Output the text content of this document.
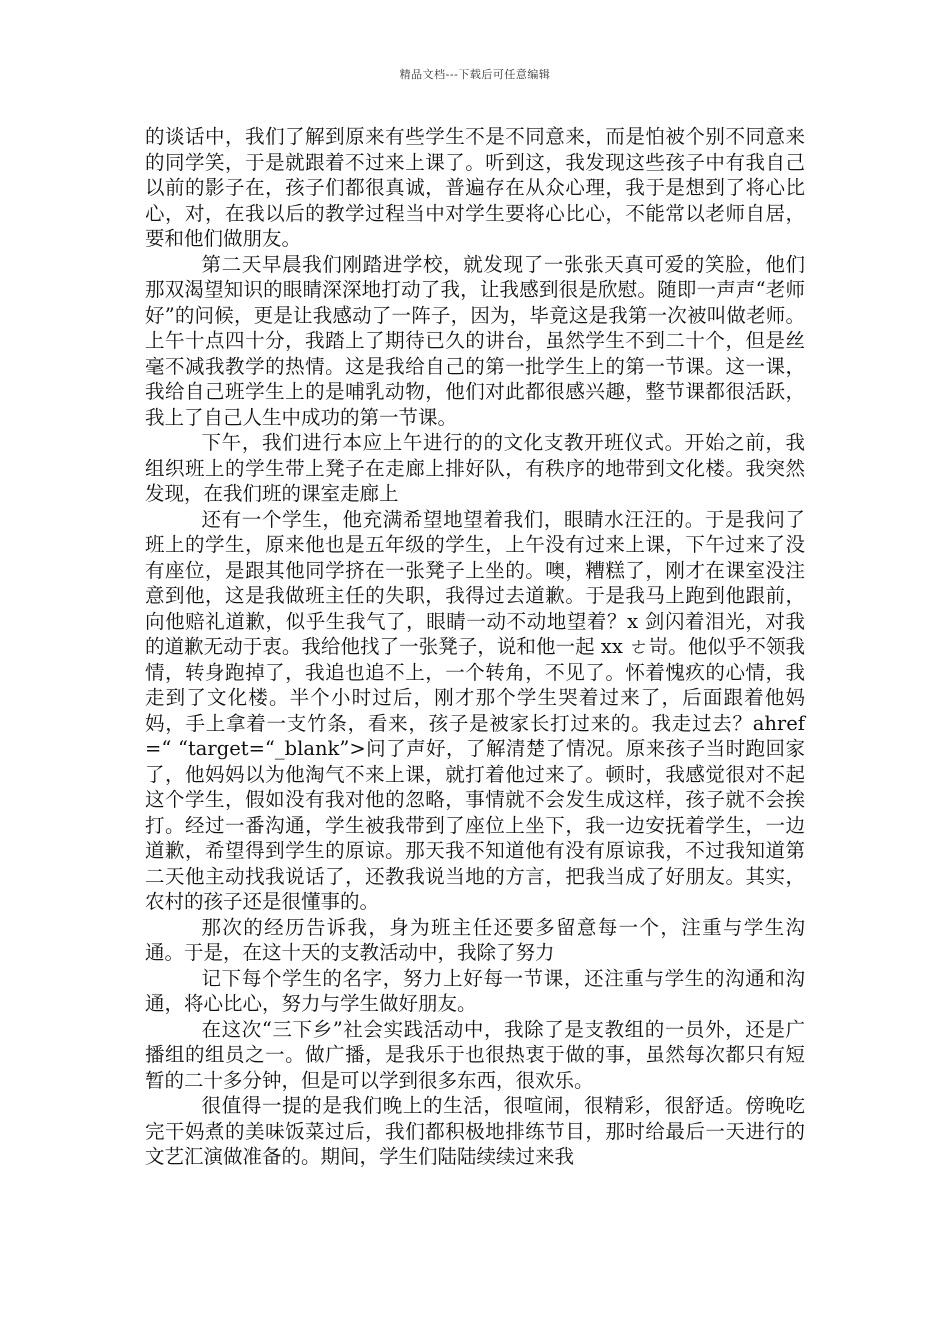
精品文档---下载后可任意编辑

的谈话中，我们了解到原来有些学生不是不同意来，而是怕被个别不同意来的同学笑，于是就跟着不过来上课了。听到这，我发现这些孩子中有我自己以前的影子在，孩子们都很真诚，普遍存在从众心理，我于是想到了将心比心，对，在我以后的教学过程当中对学生要将心比心，不能常以老师自居，要和他们做朋友。

第二天早晨我们刚踏进学校，就发现了一张张天真可爱的笑脸，他们那双渴望知识的眼睛深深地打动了我，让我感到很是欣慰。随即一声声“老师好”的问候，更是让我感动了一阵子，因为，毕竟这是我第一次被叫做老师。上午十点四十分，我踏上了期待已久的讲台，虽然学生不到二十个，但是丝毫不减我教学的热情。这是我给自己的第一批学生上的第一节课。这一课，我给自己班学生上的是哺乳动物，他们对此都很感兴趣，整节课都很活跃，我上了自己人生中成功的第一节课。

下午，我们进行本应上午进行的的文化支教开班仪式。开始之前，我组织班上的学生带上凳子在走廊上排好队，有秩序的地带到文化楼。我突然发现，在我们班的课室走廊上

还有一个学生，他充满希望地望着我们，眼睛水汪汪的。于是我问了班上的学生，原来他也是五年级的学生，上午没有过来上课，下午过来了没有座位，是跟其他同学挤在一张凳子上坐的。噢，糟糕了，刚才在课室没注意到他，这是我做班主任的失职，我得过去道歉。于是我马上跑到他跟前，向他赔礼道歉，似乎生我气了，眼睛一动不动地望着？x 剑闪着泪光，对我的道歉无动于衷。我给他找了一张凳子，说和他一起 xx ㄜ岢。他似乎不领我情，转身跑掉了，我追也追不上，一个转角，不见了。怀着愧疚的心情，我走到了文化楼。半个小时过后，刚才那个学生哭着过来了，后面跟着他妈妈，手上拿着一支竹条，看来，孩子是被家长打过来的。我走过去？ahref=“ “target=“_blank”>问了声好，了解清楚了情况。原来孩子当时跑回家了，他妈妈以为他淘气不来上课，就打着他过来了。顿时，我感觉很对不起这个学生，假如没有我对他的忽略，事情就不会发生成这样，孩子就不会挨打。经过一番沟通，学生被我带到了座位上坐下，我一边安抚着学生，一边道歉，希望得到学生的原谅。那天我不知道他有没有原谅我，不过我知道第二天他主动找我说话了，还教我说当地的方言，把我当成了好朋友。其实，农村的孩子还是很懂事的。

那次的经历告诉我，身为班主任还要多留意每一个，注重与学生沟通。于是，在这十天的支教活动中，我除了努力

记下每个学生的名字，努力上好每一节课，还注重与学生的沟通和沟通，将心比心，努力与学生做好朋友。

在这次“三下乡”社会实践活动中，我除了是支教组的一员外，还是广播组的组员之一。做广播，是我乐于也很热衷于做的事，虽然每次都只有短暂的二十多分钟，但是可以学到很多东西，很欢乐。

很值得一提的是我们晚上的生活，很喧闹，很精彩，很舒适。傍晚吃完干妈煮的美味饭菜过后，我们都积极地排练节目，那时给最后一天进行的文艺汇演做准备的。期间，学生们陆陆续续过来我
